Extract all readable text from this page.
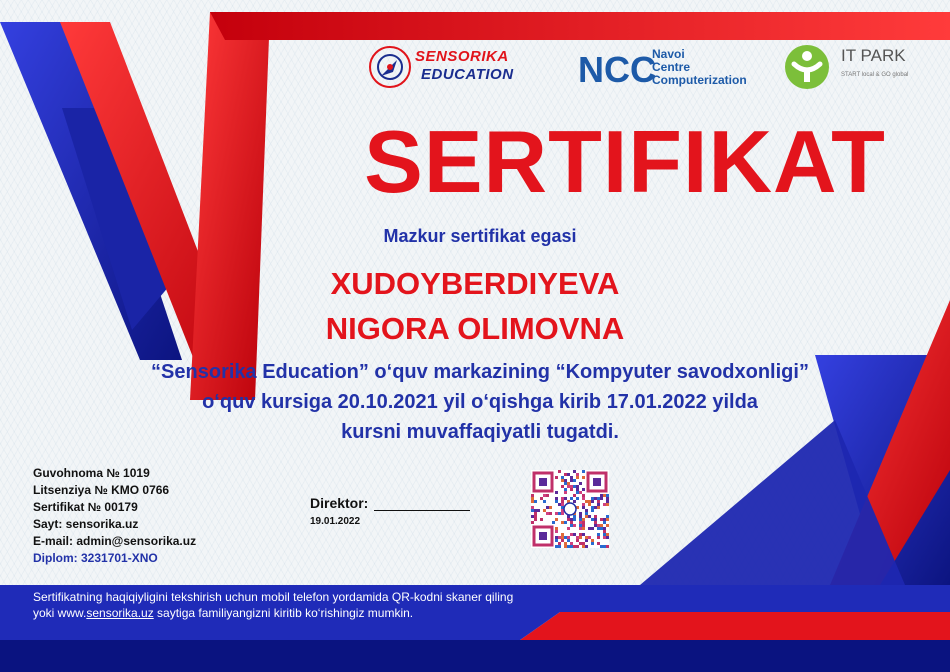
SENSORIKA
EDUCATION NCC
Navoi
Centre
Computerization
IT PARK
START local & GO global
SERTIFIKAT
Mazkur sertifikat egasi
XUDOYBERDIYEVA
NIGORA OLIMOVNA
“Sensorika Education” o‘quv markazining “Kompyuter savodxonligi”
o‘quv kursiga 20.10.2021 yil o‘qishga kirib 17.01.2022 yilda
kursni muvaffaqiyatli tugatdi.
Guvohnoma № 1019
Litsenziya № KMO 0766
Sertifikat № 00179
Sayt: sensorika.uz
E-mail: admin@sensorika.uz
Diplom: 3231701-XNO
Direktor:
19.01.2022
Sertifikatning haqiqiyligini tekshirish uchun mobil telefon yordamida QR-kodni skaner qiling
yoki www.sensorika.uz saytiga familiyangizni kiritib ko‘rishingiz mumkin.
